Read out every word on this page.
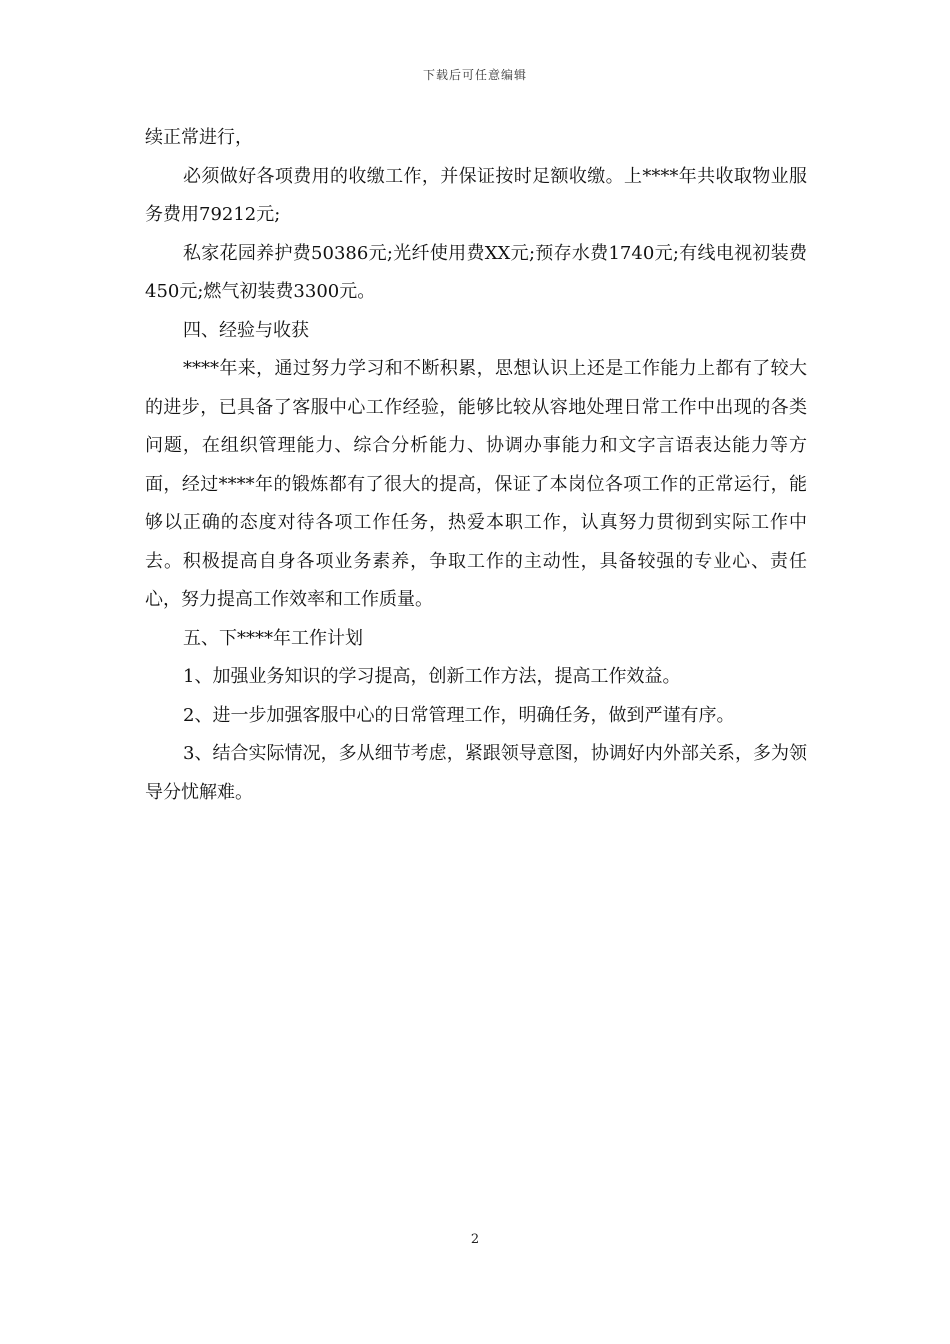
下载后可任意编辑

续正常进行，

必须做好各项费用的收缴工作，并保证按时足额收缴。上****年共收取物业服务费用79212元;

私家花园养护费50386元;光纤使用费XX元;预存水费1740元;有线电视初装费450元;燃气初装费3300元。

四、经验与收获

****年来，通过努力学习和不断积累，思想认识上还是工作能力上都有了较大的进步，已具备了客服中心工作经验，能够比较从容地处理日常工作中出现的各类问题，在组织管理能力、综合分析能力、协调办事能力和文字言语表达能力等方面，经过****年的锻炼都有了很大的提高，保证了本岗位各项工作的正常运行，能够以正确的态度对待各项工作任务，热爱本职工作，认真努力贯彻到实际工作中去。积极提高自身各项业务素养，争取工作的主动性，具备较强的专业心、责任心，努力提高工作效率和工作质量。

五、下****年工作计划

1、加强业务知识的学习提高，创新工作方法，提高工作效益。

2、进一步加强客服中心的日常管理工作，明确任务，做到严谨有序。

3、结合实际情况，多从细节考虑，紧跟领导意图，协调好内外部关系，多为领导分忧解难。

2
